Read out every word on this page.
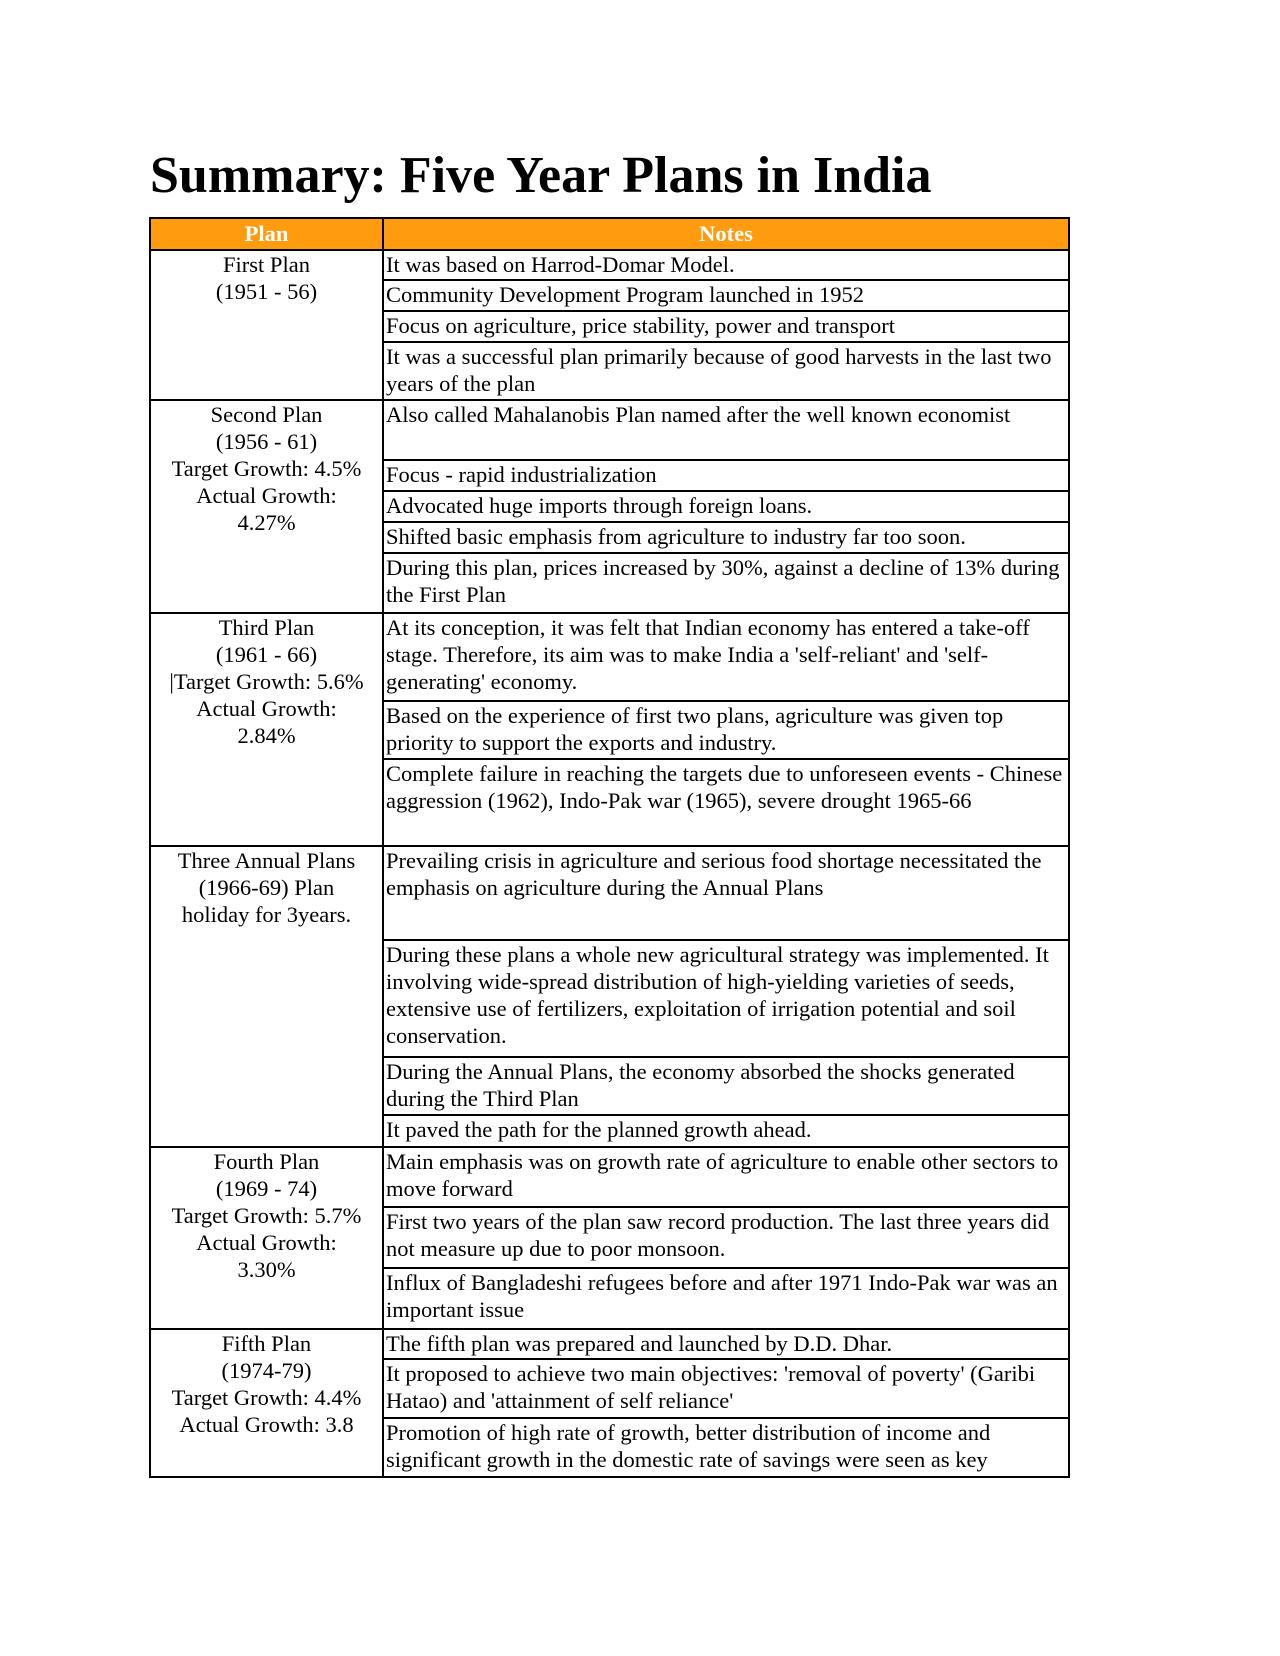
Summary: Five Year Plans in India
Plan	Notes

First Plan
(1951 - 56)	It was based on Harrod-Domar Model.
	Community Development Program launched in 1952
	Focus on agriculture, price stability, power and transport
	It was a successful plan primarily because of good harvests in the last two years of the plan

Second Plan
(1956 - 61)
Target Growth: 4.5%
Actual Growth:
4.27%	Also called Mahalanobis Plan named after the well known economist
	Focus - rapid industrialization
	Advocated huge imports through foreign loans.
	Shifted basic emphasis from agriculture to industry far too soon.
	During this plan, prices increased by 30%, against a decline of 13% during the First Plan

Third Plan
(1961 - 66)
|Target Growth: 5.6%
Actual Growth:
2.84%	At its conception, it was felt that Indian economy has entered a take-off stage. Therefore, its aim was to make India a 'self-reliant' and 'self-generating' economy.
	Based on the experience of first two plans, agriculture was given top priority to support the exports and industry.
	Complete failure in reaching the targets due to unforeseen events - Chinese aggression (1962), Indo-Pak war (1965), severe drought 1965-66

Three Annual Plans
(1966-69) Plan
holiday for 3years.	Prevailing crisis in agriculture and serious food shortage necessitated the emphasis on agriculture during the Annual Plans
	During these plans a whole new agricultural strategy was implemented. It involving wide-spread distribution of high-yielding varieties of seeds, extensive use of fertilizers, exploitation of irrigation potential and soil conservation.
	During the Annual Plans, the economy absorbed the shocks generated during the Third Plan
	It paved the path for the planned growth ahead.

Fourth Plan
(1969 - 74)
Target Growth: 5.7%
Actual Growth:
3.30%	Main emphasis was on growth rate of agriculture to enable other sectors to move forward
	First two years of the plan saw record production. The last three years did not measure up due to poor monsoon.
	Influx of Bangladeshi refugees before and after 1971 Indo-Pak war was an important issue

Fifth Plan
(1974-79)
Target Growth: 4.4%
Actual Growth: 3.8	The fifth plan was prepared and launched by D.D. Dhar.
	It proposed to achieve two main objectives: 'removal of poverty' (Garibi Hatao) and 'attainment of self reliance'
	Promotion of high rate of growth, better distribution of income and significant growth in the domestic rate of savings were seen as key
